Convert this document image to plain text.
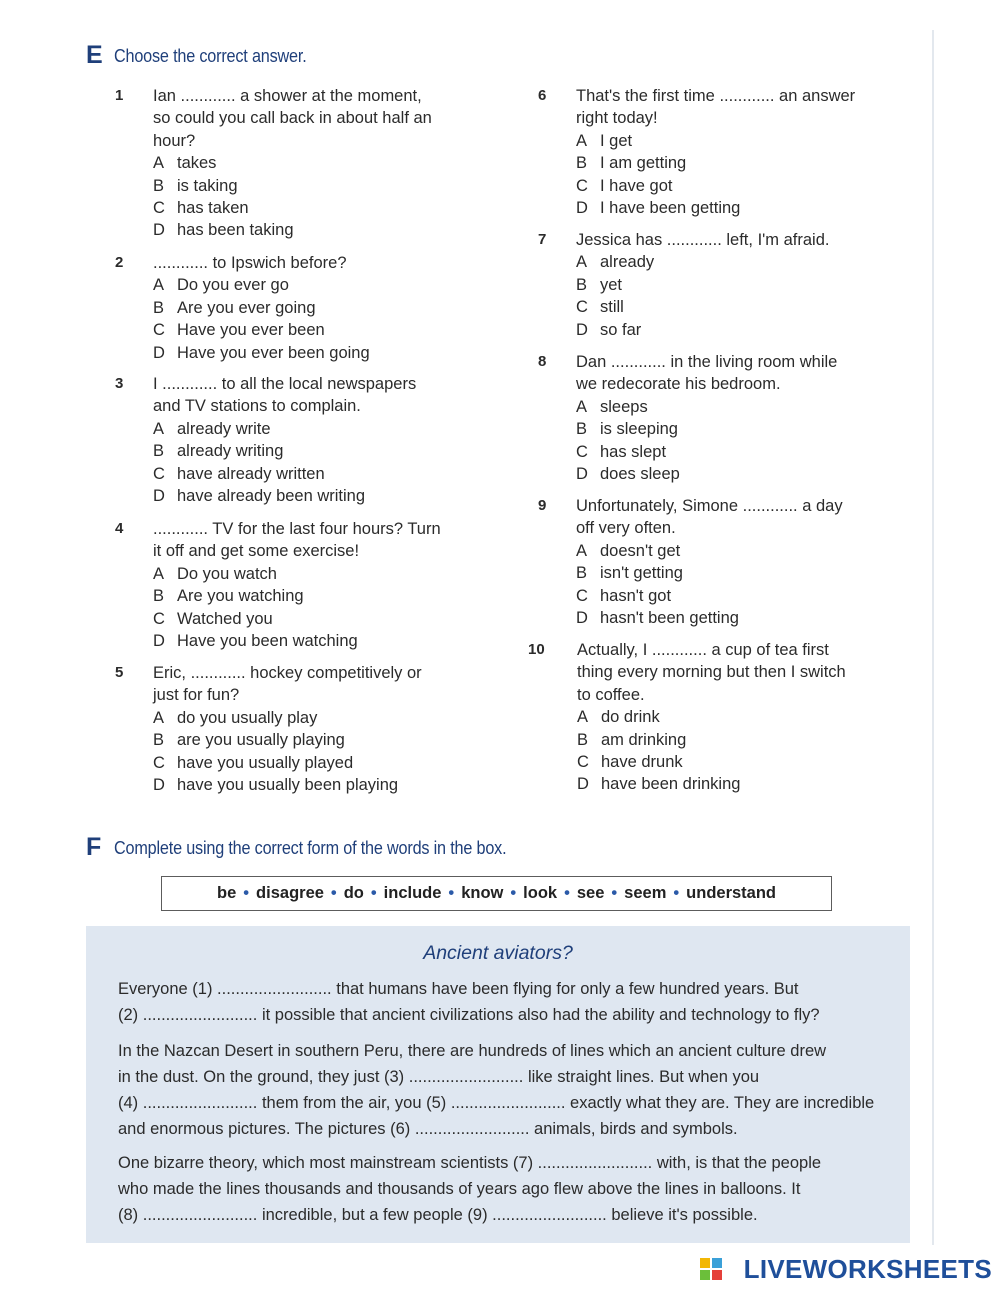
E Choose the correct answer.
1 Ian ............ a shower at the moment,
so could you call back in about half an
hour?
A takes
B is taking
C has taken
D has been taking
2 ............ to Ipswich before?
A Do you ever go
B Are you ever going
C Have you ever been
D Have you ever been going
3 I ............ to all the local newspapers
and TV stations to complain.
A already write
B already writing
C have already written
D have already been writing
4 ............ TV for the last four hours? Turn
it off and get some exercise!
A Do you watch
B Are you watching
C Watched you
D Have you been watching
5 Eric, ............ hockey competitively or
just for fun?
A do you usually play
B are you usually playing
C have you usually played
D have you usually been playing
6 That's the first time ............ an answer
right today!
A I get
B I am getting
C I have got
D I have been getting
7 Jessica has ............ left, I'm afraid.
A already
B yet
C still
D so far
8 Dan ............ in the living room while
we redecorate his bedroom.
A sleeps
B is sleeping
C has slept
D does sleep
9 Unfortunately, Simone ............ a day
off very often.
A doesn't get
B isn't getting
C hasn't got
D hasn't been getting
10 Actually, I ............ a cup of tea first
thing every morning but then I switch
to coffee.
A do drink
B am drinking
C have drunk
D have been drinking
F Complete using the correct form of the words in the box.
be • disagree • do • include • know • look • see • seem • understand
Ancient aviators?
Everyone (1) ......................... that humans have been flying for only a few hundred years. But
(2) ......................... it possible that ancient civilizations also had the ability and technology to fly?
In the Nazcan Desert in southern Peru, there are hundreds of lines which an ancient culture drew
in the dust. On the ground, they just (3) ......................... like straight lines. But when you
(4) ......................... them from the air, you (5) ......................... exactly what they are. They are incredible
and enormous pictures. The pictures (6) ......................... animals, birds and symbols.
One bizarre theory, which most mainstream scientists (7) ......................... with, is that the people
who made the lines thousands and thousands of years ago flew above the lines in balloons. It
(8) ......................... incredible, but a few people (9) ......................... believe it's possible.
LIVEWORKSHEETS
